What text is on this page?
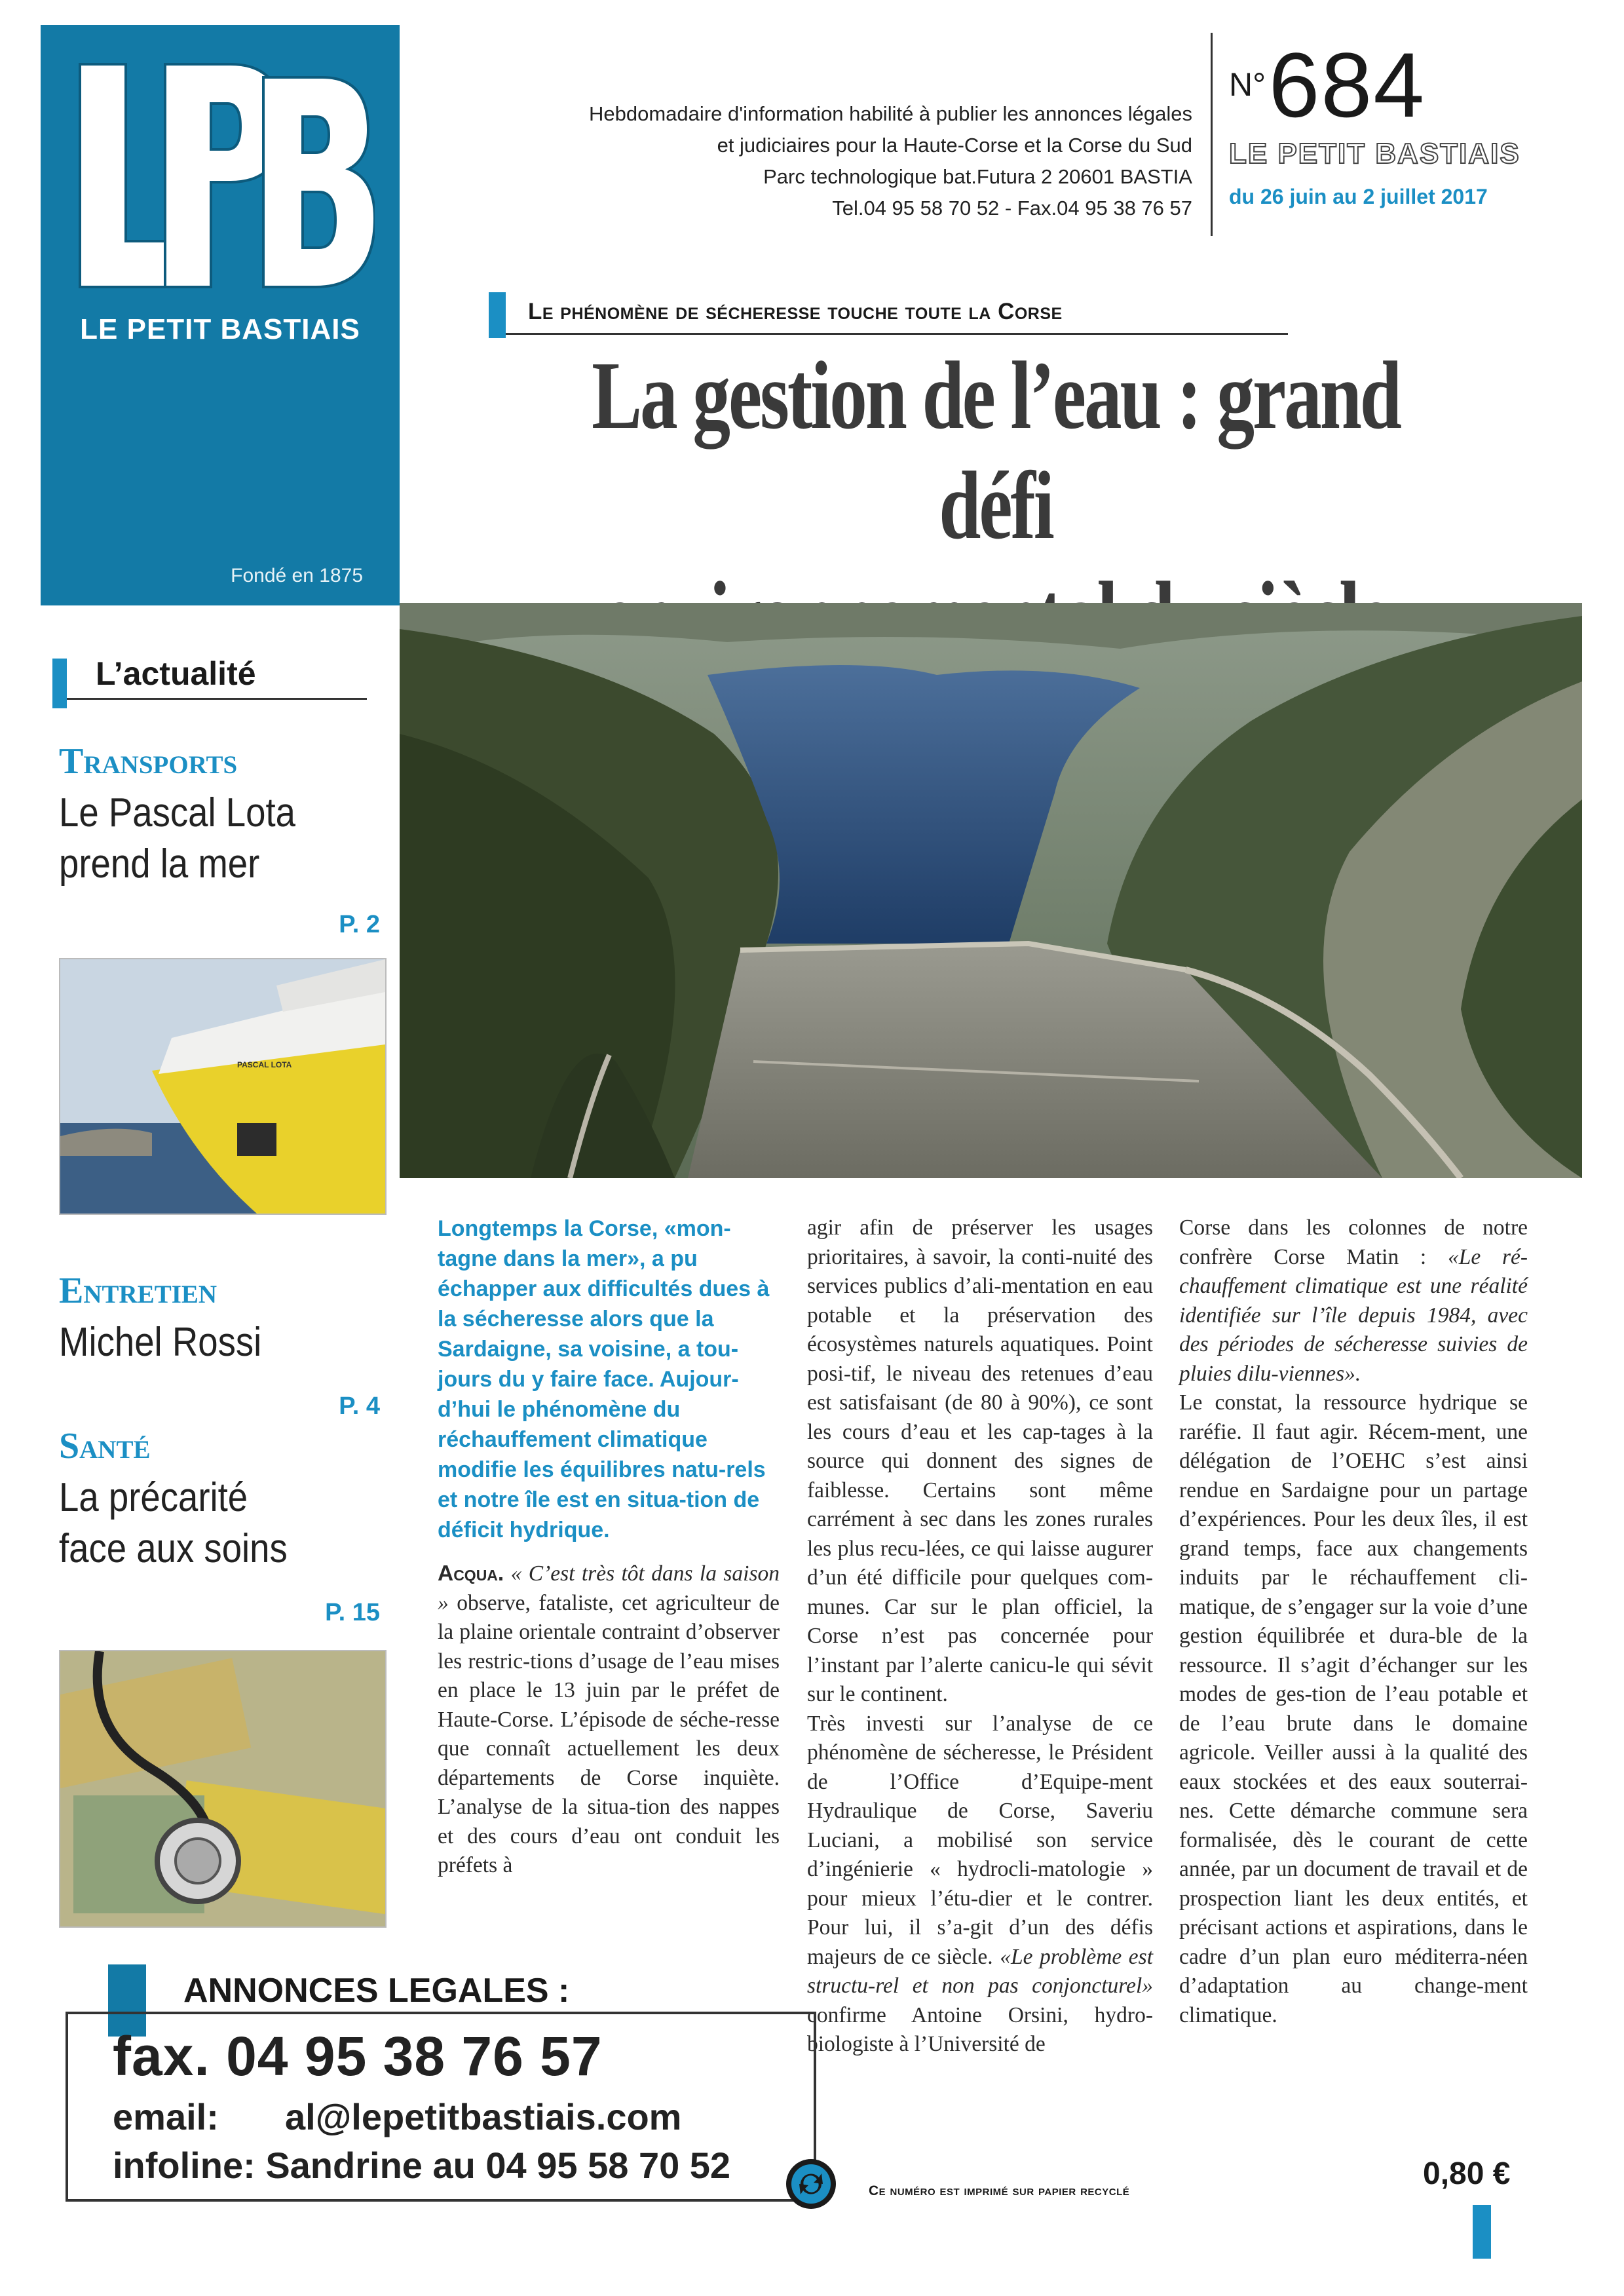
LE PETIT BASTIAIS
Fondé en 1875
Hebdomadaire d'information habilité à publier les annonces légales
et judiciaires pour la Haute-Corse et la Corse du Sud
Parc technologique bat.Futura 2 20601 BASTIA
Tel.04 95 58 70 52 - Fax.04 95 38 76 57
N° 684
LE PETIT BASTIAIS
du 26 juin au 2 juillet 2017
Le phénomène de sécheresse touche toute la Corse
La gestion de l’eau : grand défi
L’actualité
Transports
Le Pascal Lota
prend la mer
P. 2
PASCAL LOTA
Entretien
Michel Rossi
P. 4
Santé
La précarité
face aux soins
P. 15
Longtemps la Corse, «mon-tagne dans la mer», a pu échapper aux difficultés dues à la sécheresse alors que la Sardaigne, sa voisine, a tou-jours du y faire face. Aujour-d’hui le phénomène du réchauffement climatique modifie les équilibres natu-rels et notre île est en situa-tion de déficit hydrique.
Acqua. « C’est très tôt dans la saison » observe, fataliste, cet agriculteur de la plaine orientale contraint d’observer les restric-tions d’usage de l’eau mises en place le 13 juin par le préfet de Haute-Corse. L’épisode de séche-resse que connaît actuellement les deux départements de Corse inquiète. L’analyse de la situa-tion des nappes et des cours d’eau ont conduit les préfets à
agir afin de préserver les usages prioritaires, à savoir, la conti-nuité des services publics d’ali-mentation en eau potable et la préservation des écosystèmes naturels aquatiques. Point posi-tif, le niveau des retenues d’eau est satisfaisant (de 80 à 90%), ce sont les cours d’eau et les cap-tages à la source qui donnent des signes de faiblesse. Certains sont même carrément à sec dans les zones rurales les plus recu-lées, ce qui laisse augurer d’un été difficile pour quelques com-munes. Car sur le plan officiel, la Corse n’est pas concernée pour l’instant par l’alerte canicu-le qui sévit sur le continent.
Très investi sur l’analyse de ce phénomène de sécheresse, le Président de l’Office d’Equipe-ment Hydraulique de Corse, Saveriu Luciani, a mobilisé son service d’ingénierie « hydrocli-matologie » pour mieux l’étu-dier et le contrer. Pour lui, il s’a-git d’un des défis majeurs de ce siècle. «Le problème est structu-rel et non pas conjoncturel» confirme Antoine Orsini, hydro-biologiste à l’Université de
Corse dans les colonnes de notre confrère Corse Matin : «Le ré-chauffement climatique est une réalité identifiée sur l’île depuis 1984, avec des périodes de sécheresse suivies de pluies dilu-viennes».
Le constat, la ressource hydrique se raréfie. Il faut agir. Récem-ment, une délégation de l’OEHC s’est ainsi rendue en Sardaigne pour un partage d’expériences. Pour les deux îles, il est grand temps, face aux changements induits par le réchauffement cli-matique, de s’engager sur la voie d’une gestion équilibrée et dura-ble de la ressource. Il s’agit d’échanger sur les modes de ges-tion de l’eau potable et de l’eau brute dans le domaine agricole. Veiller aussi à la qualité des eaux stockées et des eaux souterrai-nes. Cette démarche commune sera formalisée, dès le courant de cette année, par un document de travail et de prospection liant les deux entités, et précisant actions et aspirations, dans le cadre d’un plan euro méditerra-néen d’adaptation au change-ment climatique.
ANNONCES LEGALES :
fax. 04 95 38 76 57
email: al@lepetitbastiais.com
infoline: Sandrine au 04 95 58 70 52
Ce numéro est imprimé sur papier recyclé	0,80 €
